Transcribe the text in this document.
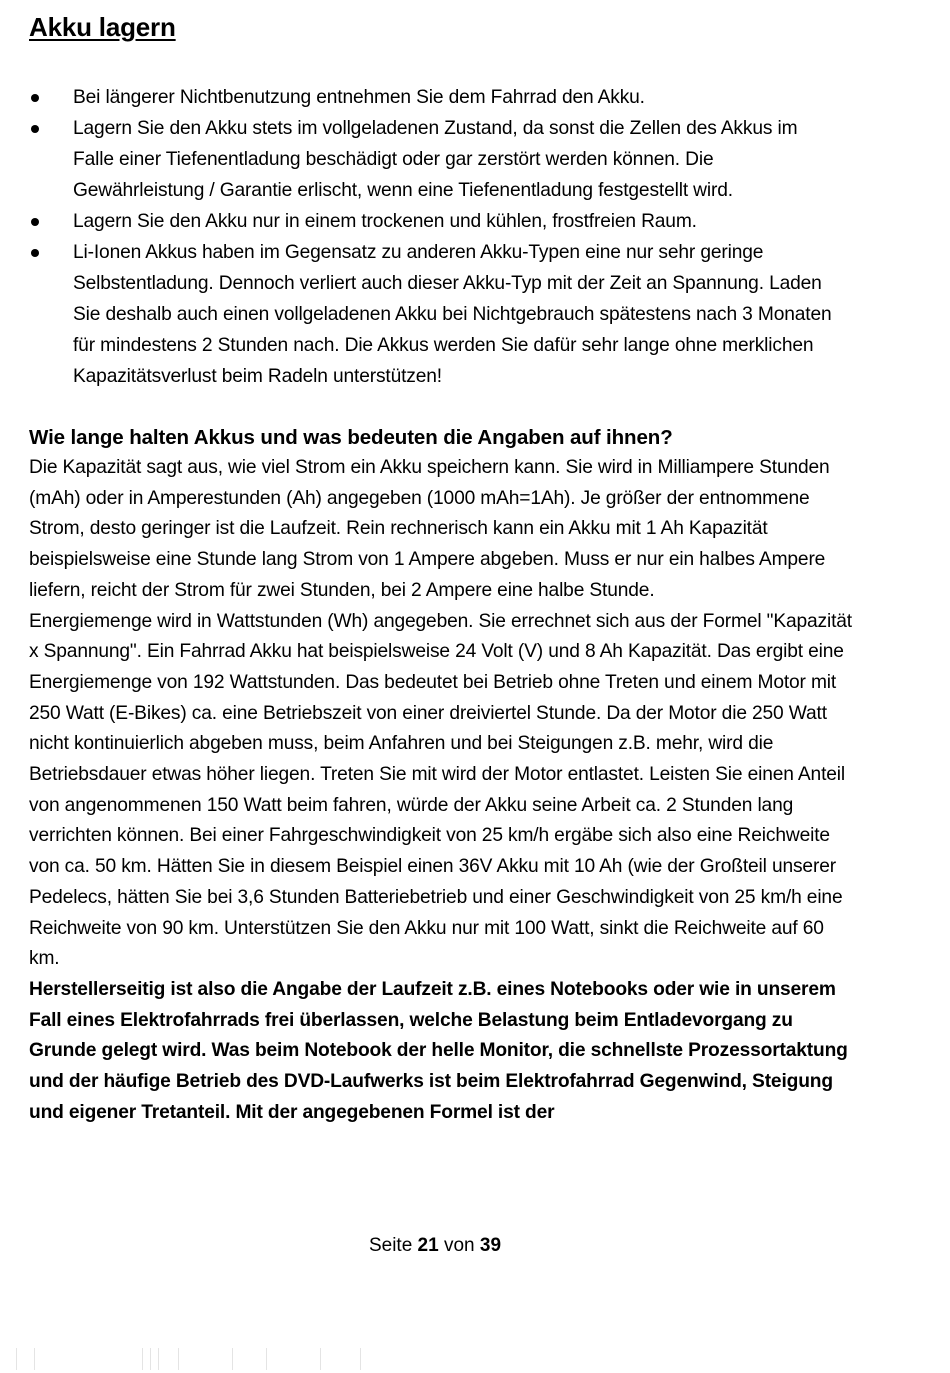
Akku lagern
Bei längerer Nichtbenutzung entnehmen Sie dem Fahrrad den Akku.
Lagern Sie den Akku stets im vollgeladenen Zustand, da sonst die Zellen des Akkus im Falle einer Tiefenentladung beschädigt oder gar zerstört werden können. Die Gewährleistung / Garantie erlischt, wenn eine Tiefenentladung festgestellt wird.
Lagern Sie den Akku nur in einem trockenen und kühlen, frostfreien Raum.
Li-Ionen Akkus haben im Gegensatz zu anderen Akku-Typen eine nur sehr geringe Selbstentladung. Dennoch verliert auch dieser Akku-Typ mit der Zeit an Spannung. Laden Sie deshalb auch einen vollgeladenen Akku bei Nichtgebrauch spätestens nach 3 Monaten für mindestens 2 Stunden nach. Die Akkus werden Sie dafür sehr lange ohne merklichen Kapazitätsverlust beim Radeln unterstützen!
Wie lange halten Akkus und was bedeuten die Angaben auf ihnen?

Die Kapazität sagt aus, wie viel Strom ein Akku speichern kann. Sie wird in Milliampere Stunden (mAh) oder in Amperestunden (Ah) angegeben (1000 mAh=1Ah). Je größer der entnommene Strom, desto geringer ist die Laufzeit. Rein rechnerisch kann ein Akku mit 1 Ah Kapazität beispielsweise eine Stunde lang Strom von 1 Ampere abgeben. Muss er nur ein halbes Ampere liefern, reicht der Strom für zwei Stunden, bei 2 Ampere eine halbe Stunde.

Energiemenge wird in Wattstunden (Wh) angegeben. Sie errechnet sich aus der Formel "Kapazität x Spannung". Ein Fahrrad Akku hat beispielsweise 24 Volt (V) und 8 Ah Kapazität. Das ergibt eine Energiemenge von 192 Wattstunden. Das bedeutet bei Betrieb ohne Treten und einem Motor mit 250 Watt (E-Bikes) ca. eine Betriebszeit von einer dreiviertel Stunde. Da der Motor die 250 Watt nicht kontinuierlich abgeben muss, beim Anfahren und bei Steigungen z.B. mehr, wird die Betriebsdauer etwas höher liegen. Treten Sie mit wird der Motor entlastet. Leisten Sie einen Anteil von angenommenen 150 Watt beim fahren, würde der Akku seine Arbeit ca. 2 Stunden lang verrichten können. Bei einer Fahrgeschwindigkeit von 25 km/h ergäbe sich also eine Reichweite von ca. 50 km. Hätten Sie in diesem Beispiel einen 36V Akku mit 10 Ah (wie der Großteil unserer Pedelecs, hätten Sie bei 3,6 Stunden Batteriebetrieb und einer Geschwindigkeit von 25 km/h eine Reichweite von 90 km. Unterstützen Sie den Akku nur mit 100 Watt, sinkt die Reichweite auf 60 km.

Herstellerseitig ist also die Angabe der Laufzeit z.B. eines Notebooks oder wie in unserem Fall eines Elektrofahrrads frei überlassen, welche Belastung beim Entladevorgang zu Grunde gelegt wird. Was beim Notebook der helle Monitor, die schnellste Prozessortaktung und der häufige Betrieb des DVD-Laufwerks ist beim Elektrofahrrad Gegenwind, Steigung und eigener Tretanteil. Mit der angegebenen Formel ist der

Seite 21 von 39
